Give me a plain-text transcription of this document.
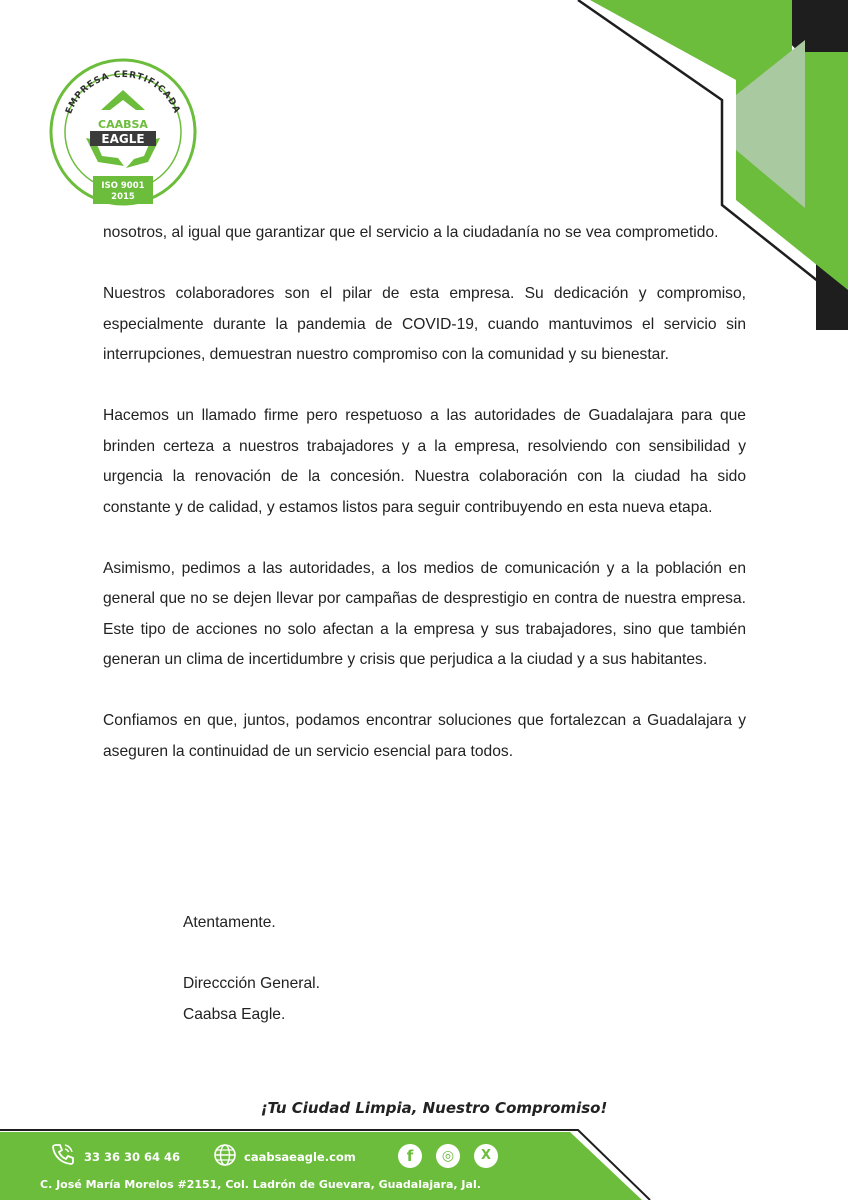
EMPRESA CERTIFICADA
CAABSA
EAGLE
ISO 9001
2015

nosotros, al igual que garantizar que el servicio a la ciudadanía no se vea comprometido.

Nuestros colaboradores son el pilar de esta empresa. Su dedicación y compromiso, especialmente durante la pandemia de COVID-19, cuando mantuvimos el servicio sin interrupciones, demuestran nuestro compromiso con la comunidad y su bienestar.

Hacemos un llamado firme pero respetuoso a las autoridades de Guadalajara para que brinden certeza a nuestros trabajadores y a la empresa, resolviendo con sensibilidad y urgencia la renovación de la concesión. Nuestra colaboración con la ciudad ha sido constante y de calidad, y estamos listos para seguir contribuyendo en esta nueva etapa.

Asimismo, pedimos a las autoridades, a los medios de comunicación y a la población en general que no se dejen llevar por campañas de desprestigio en contra de nuestra empresa. Este tipo de acciones no solo afectan a la empresa y sus trabajadores, sino que también generan un clima de incertidumbre y crisis que perjudica a la ciudad y a sus habitantes.

Confiamos en que, juntos, podamos encontrar soluciones que fortalezcan a Guadalajara y aseguren la continuidad de un servicio esencial para todos.

Atentamente.
Direccción General.
Caabsa Eagle.
¡Tu Ciudad Limpia, Nuestro Compromiso!
33 36 30 64 46	caabsaeagle.com	f	◎	X
C. José María Morelos #2151, Col. Ladrón de Guevara, Guadalajara, Jal.
